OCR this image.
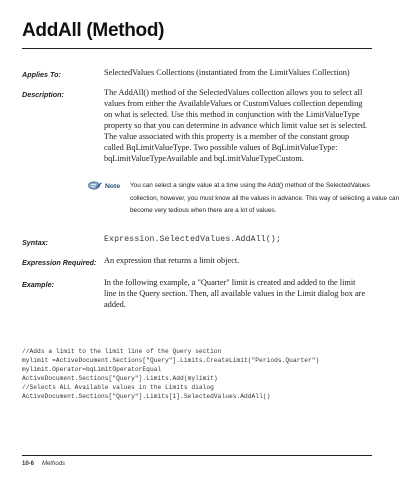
AddAll (Method)
Applies To:	SelectedValues Collections (instantiated from the LimitValues Collection)
Description:	The AddAll() method of the SelectedValues collection allows you to select all
values from either the AvailableValues or CustomValues collection depending
on what is selected. Use this method in conjunction with the LimitValueType
property so that you can determine in advance which limit value set is selected.
The value associated with this property is a member of the constant group
called BqLimitValueType. Two possible values of BqLimitValueType:
bqLimitValueTypeAvailable and bqLimitValueTypeCustom.
Note You can select a single value at a time using the Add() method of the SelectedValues
collection, however, you must know all the values in advance. This way of selecting a value can
become very tedious when there are a lot of values.
Syntax:	Expression.SelectedValues.AddAll();
Expression Required: An expression that returns a limit object.
Example:	In the following example, a "Quarter" limit is created and added to the limit
line in the Query section. Then, all available values in the Limit dialog box are
added.
//Adds a limit to the limit line of the Query section
mylimit =ActiveDocument.Sections["Query"].Limits.CreateLimit("Periods.Quarter")
mylimit.Operator=bqLimitOperatorEqual
ActiveDocument.Sections["Query"].Limits.Add(mylimit)
//Selects ALL Available values in the Limits dialog
ActiveDocument.Sections["Query"].Limits[1].SelectedValues.AddAll()
10-6 Methods
